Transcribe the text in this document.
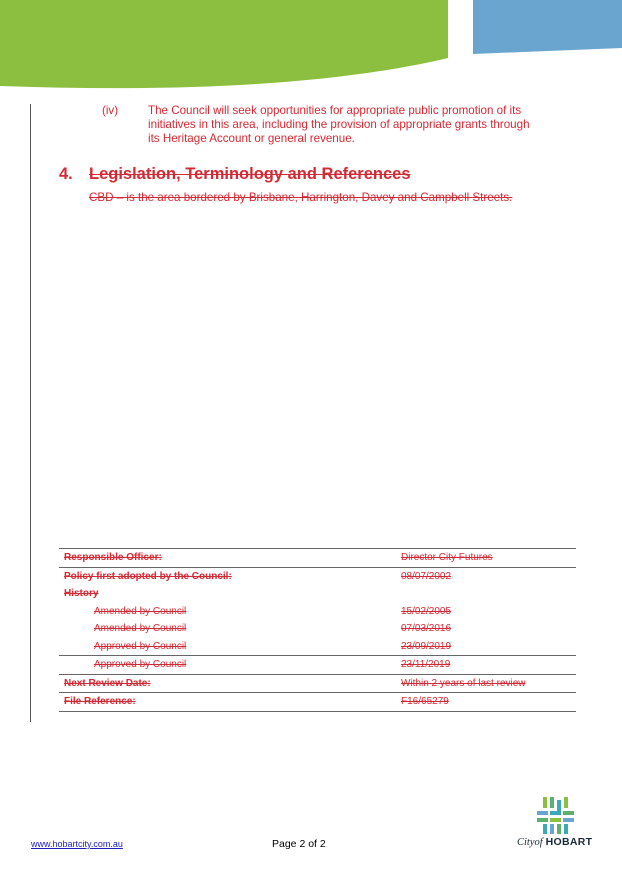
(iv)	The Council will seek opportunities for appropriate public promotion of its
initiatives in this area, including the provision of appropriate grants through
its Heritage Account or general revenue.
4. Legislation, Terminology and References
CBD – is the area bordered by Brisbane, Harrington, Davey and Campbell Streets.
Responsible Officer:	Director City Futures
Policy first adopted by the Council:	08/07/2002
History	
Amended by Council	15/02/2005
Amended by Council	07/03/2016
Approved by Council	23/09/2019
Approved by Council	23/11/2019
Next Review Date:	Within 2 years of last review
File Reference:	F16/65279
www.hobartcity.com.au	Page 2 of 2	Cityof HOBART
